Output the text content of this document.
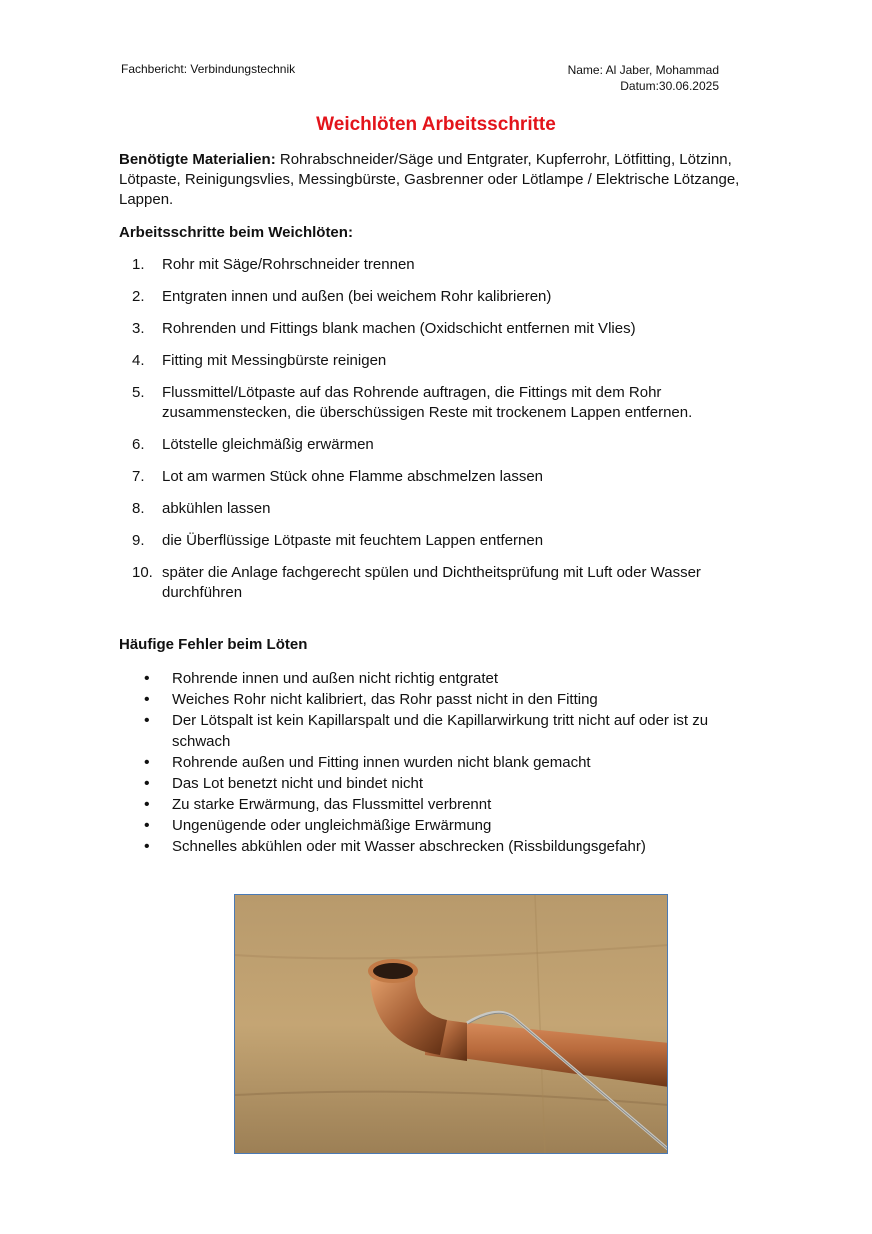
Fachbericht: Verbindungstechnik	Name: Al Jaber, Mohammad
Datum:30.06.2025
Weichlöten Arbeitsschritte
Benötigte Materialien: Rohrabschneider/Säge und Entgrater, Kupferrohr, Lötfitting, Lötzinn, Lötpaste, Reinigungsvlies, Messingbürste, Gasbrenner oder Lötlampe / Elektrische Lötzange, Lappen.
Arbeitsschritte beim Weichlöten:
1.	Rohr mit Säge/Rohrschneider trennen
2.	Entgraten innen und außen (bei weichem Rohr kalibrieren)
3.	Rohrenden und Fittings blank machen (Oxidschicht entfernen mit Vlies)
4.	Fitting mit Messingbürste reinigen
5.	Flussmittel/Lötpaste auf das Rohrende auftragen, die Fittings mit dem Rohr zusammenstecken, die überschüssigen Reste mit trockenem Lappen entfernen.
6.	Lötstelle gleichmäßig erwärmen
7.	Lot am warmen Stück ohne Flamme abschmelzen lassen
8.	abkühlen lassen
9.	die Überflüssige Lötpaste mit feuchtem Lappen entfernen
10. später die Anlage fachgerecht spülen und Dichtheitsprüfung mit Luft oder Wasser durchführen
Häufige Fehler beim Löten
•	Rohrende innen und außen nicht richtig entgratet
•	Weiches Rohr nicht kalibriert, das Rohr passt nicht in den Fitting
•	Der Lötspalt ist kein Kapillarspalt und die Kapillarwirkung tritt nicht auf oder ist zu schwach
•	Rohrende außen und Fitting innen wurden nicht blank gemacht
•	Das Lot benetzt nicht und bindet nicht
•	Zu starke Erwärmung, das Flussmittel verbrennt
•	Ungenügende oder ungleichmäßige Erwärmung
•	Schnelles abkühlen oder mit Wasser abschrecken (Rissbildungsgefahr)
